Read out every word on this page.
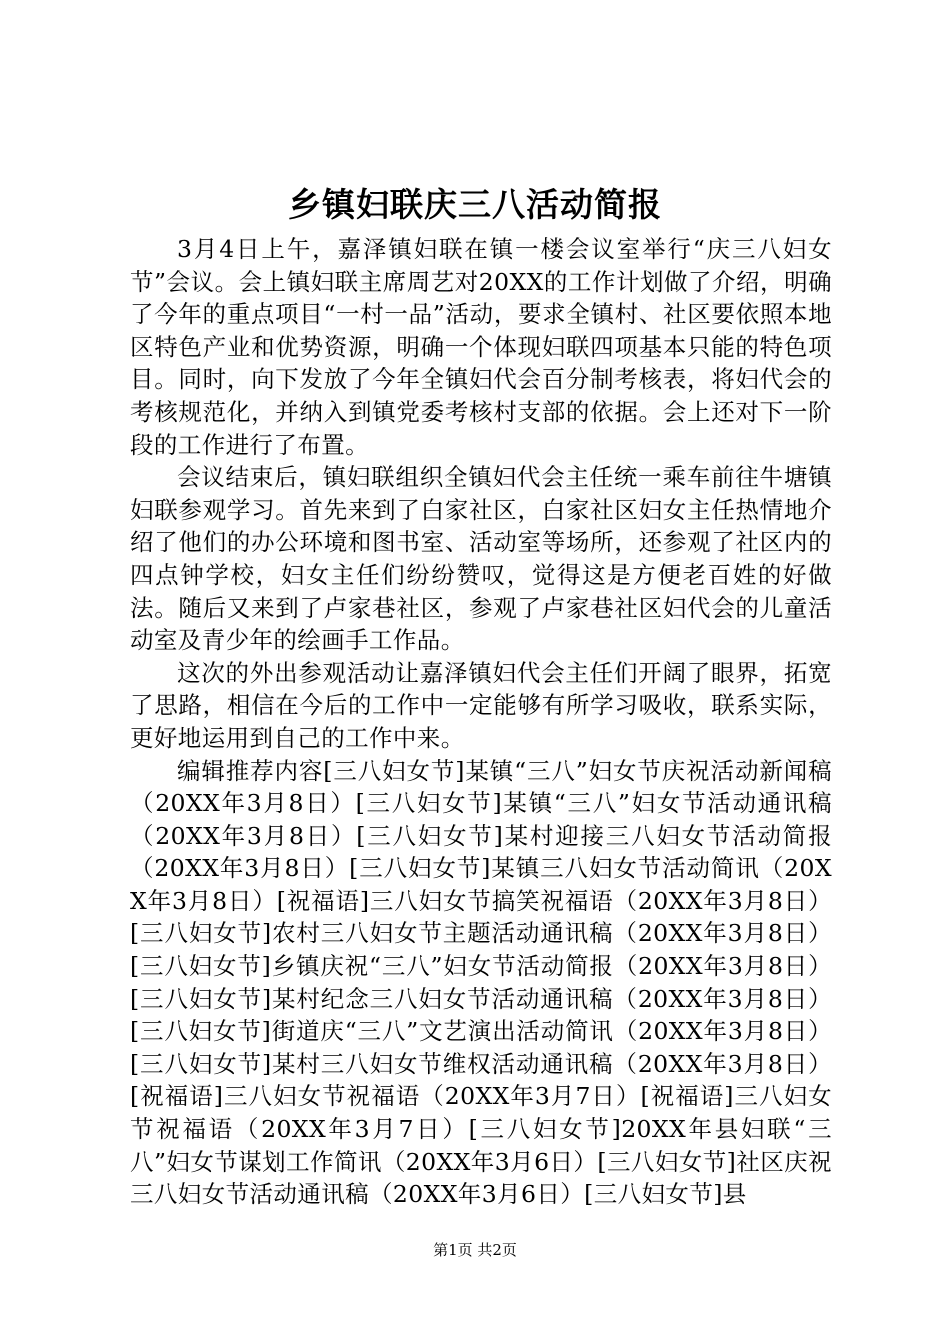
乡镇妇联庆三八活动简报

3月4日上午，嘉泽镇妇联在镇一楼会议室举行“庆三八妇女节”会议。会上镇妇联主席周艺对20XX的工作计划做了介绍，明确了今年的重点项目“一村一品”活动，要求全镇村、社区要依照本地区特色产业和优势资源，明确一个体现妇联四项基本只能的特色项目。同时，向下发放了今年全镇妇代会百分制考核表，将妇代会的考核规范化，并纳入到镇党委考核村支部的依据。会上还对下一阶段的工作进行了布置。

会议结束后，镇妇联组织全镇妇代会主任统一乘车前往牛塘镇妇联参观学习。首先来到了白家社区，白家社区妇女主任热情地介绍了他们的办公环境和图书室、活动室等场所，还参观了社区内的四点钟学校，妇女主任们纷纷赞叹，觉得这是方便老百姓的好做法。随后又来到了卢家巷社区，参观了卢家巷社区妇代会的儿童活动室及青少年的绘画手工作品。

这次的外出参观活动让嘉泽镇妇代会主任们开阔了眼界，拓宽了思路，相信在今后的工作中一定能够有所学习吸收，联系实际，更好地运用到自己的工作中来。

编辑推荐内容[三八妇女节]某镇“三八”妇女节庆祝活动新闻稿（20XX年3月8日）[三八妇女节]某镇“三八”妇女节活动通讯稿（20XX年3月8日）[三八妇女节]某村迎接三八妇女节活动简报（20XX年3月8日）[三八妇女节]某镇三八妇女节活动简讯（20XX年3月8日）[祝福语]三八妇女节搞笑祝福语（20XX年3月8日）[三八妇女节]农村三八妇女节主题活动通讯稿（20XX年3月8日）[三八妇女节]乡镇庆祝“三八”妇女节活动简报（20XX年3月8日）[三八妇女节]某村纪念三八妇女节活动通讯稿（20XX年3月8日）[三八妇女节]街道庆“三八”文艺演出活动简讯（20XX年3月8日）[三八妇女节]某村三八妇女节维权活动通讯稿（20XX年3月8日）[祝福语]三八妇女节祝福语（20XX年3月7日）[祝福语]三八妇女节祝福语（20XX年3月7日）[三八妇女节]20XX年县妇联“三八”妇女节谋划工作简讯（20XX年3月6日）[三八妇女节]社区庆祝三八妇女节活动通讯稿（20XX年3月6日）[三八妇女节]县

第1页 共2页
